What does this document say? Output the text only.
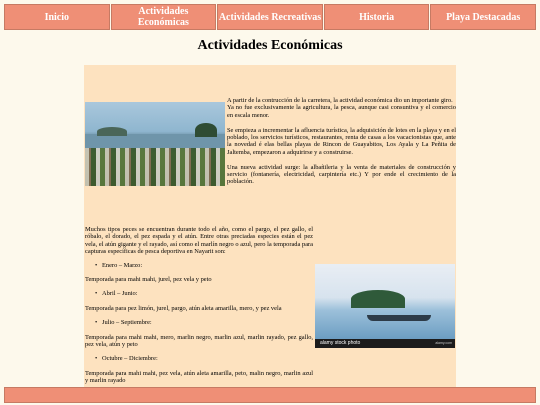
Inicio	Actividades
Económicas	Actividades Recreativas	Historia	Playa Destacadas
Actividades Económicas

A partir de la contrucción de la carretera, la actividad económica dio un importante giro.
Ya no fue exclusivamente la agricultura, la pesca, aunque casi consuntiva y el comercio en escala menor.

Se empieza a incrementar la afluencia turística, la adquisición de lotes en la playa y en el poblado, los servicios turísticos, restaurantes, renta de casas a los vacacionistas que, ante la novedad é elas bellas playas de Rincon de Guayabitos, Los Ayala y La Peñita de Jaltemba, empezaron a adquirirse y a construirse.

Una nueva actividad surge: la albañileria y la venta de materiales de construcción y servicio (fontanería, electricidad, carpintería etc.) Y por ende el crecimiento de la población.

Muchos tipos peces se encuentran durante todo el año, como el pargo, el pez gallo, el róbalo, el dorado, el pez espada y el atún. Entre otras preciadas especies están el pez vela, el atún gigante y el rayado, así como el marlín negro o azul, pero la temporada para capturas específicas de pesca deportiva en Nayarit son:

• Enero – Marzo:

Temporada para mahi mahi, jurel, pez vela y peto

• Abril – Junio:

Temporada para pez limón, jurel, pargo, atún aleta amarilla, mero, y pez vela

• Julio – Septiembre:

Temporada para mahi mahi, mero, marlin negro, marlin azul, marlin rayado, pez gallo, pez vela, atún y peto

• Octubre – Diciembre:

Temporada para mahi mahi, pez vela, atún aleta amarilla, peto, malin negro, marlin azul y marlin rayado

alamy stock photo	alamy.com
